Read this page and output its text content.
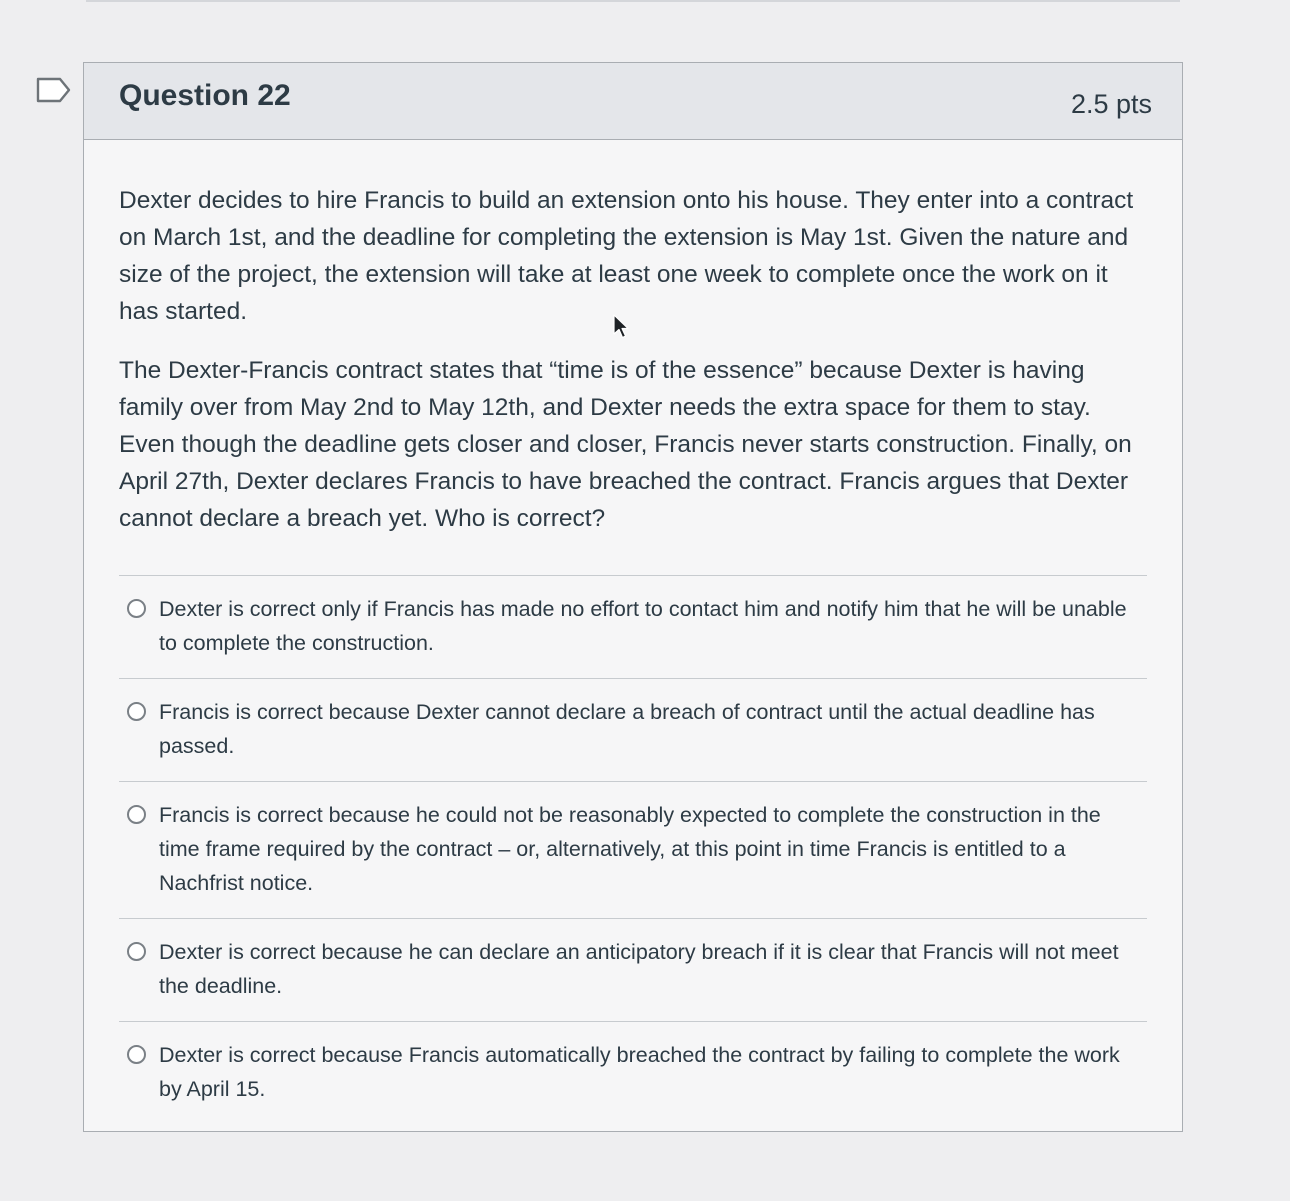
Question 22	2.5 pts

Dexter decides to hire Francis to build an extension onto his house. They enter into a contract on March 1st, and the deadline for completing the extension is May 1st. Given the nature and size of the project, the extension will take at least one week to complete once the work on it has started.

The Dexter-Francis contract states that “time is of the essence” because Dexter is having family over from May 2nd to May 12th, and Dexter needs the extra space for them to stay. Even though the deadline gets closer and closer, Francis never starts construction. Finally, on April 27th, Dexter declares Francis to have breached the contract. Francis argues that Dexter cannot declare a breach yet. Who is correct?

Dexter is correct only if Francis has made no effort to contact him and notify him that he will be unable to complete the construction.
Francis is correct because Dexter cannot declare a breach of contract until the actual deadline has passed.
Francis is correct because he could not be reasonably expected to complete the construction in the time frame required by the contract – or, alternatively, at this point in time Francis is entitled to a Nachfrist notice.
Dexter is correct because he can declare an anticipatory breach if it is clear that Francis will not meet the deadline.
Dexter is correct because Francis automatically breached the contract by failing to complete the work by April 15.
